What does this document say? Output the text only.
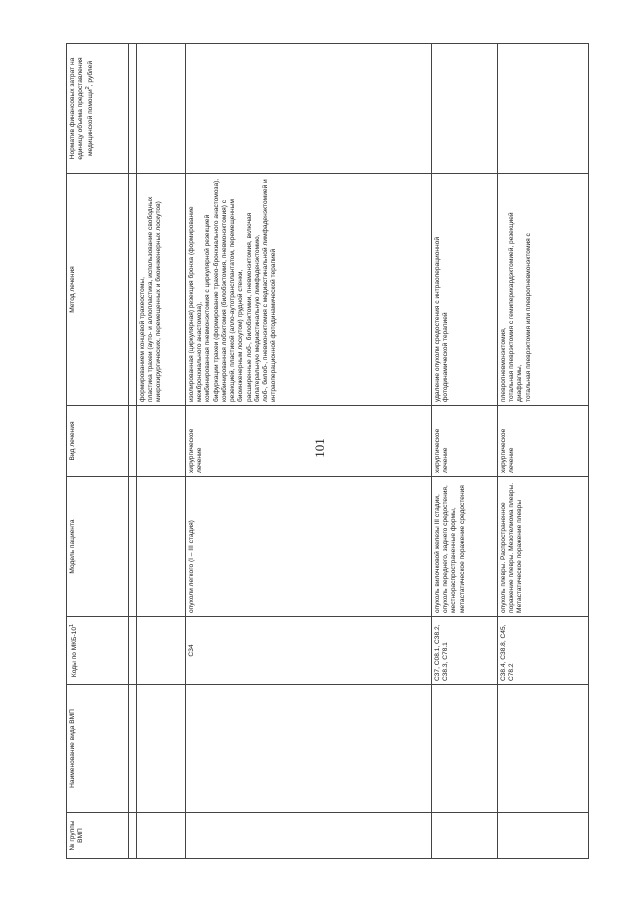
101
№ группы ВМП	Наименование вида ВМП	Коды по МКБ-$10^1$	Модель пациента	Вид лечения	Метод лечения	Норматив финансовых затрат на единицу объема предоставления медицинской помощи$^2$, рублей

					формированием концевой трахеостомы, пластика трахеи (ауто- и аллопластика, использование свободных микрохирургических, перемещенных и биоинженерных лоскутов)	

		C34	опухоли легкого (I – III стадия)	хирургическое лечение	изолированная (циркулярная) резекция бронха (формирование межбронхиального анастомоза), комбинированная пневмонэктомия с циркулярной резекцией бифуркации трахеи (формирование трахео-бронхиального анастомоза), комбинированная лобэктомия (билобэктомия, пневмонэктомия) с резекцией, пластикой (алло-аутотрансплантатом, перемещенным биоинженерным лоскутом) грудной стенки, расширенные лоб-, билобэктомии, пневмонэктомия, включая билатеральную медиастинальную лимфаденэктомию, лоб-, билоб-, пневмонэктомия с медиастинальной лимфаденэктомией и интраоперационной фотодинамической терапией	

		C37, C08.1, C38.2, C38.3, C78.1	опухоль вилочковой железы III стадии, опухоль переднего, заднего средостения, местнораспространенные формы, метастатическое поражение средостения	хирургическое лечение	удаление опухоли средостения с интраоперационной фотодинамической терапией	

		C38.4, C38.8, C45, C78.2	опухоль плевры. Распространенное поражение плевры. Мезотелиома плевры. Метастатическое поражение плевры	хирургическое лечение	плевропневмонэктомия, тотальная плеврэктомия с гемиперикардэктомией, резекцией диафрагмы, тотальная плеврэктомия или плевропневмонэктомия с	
